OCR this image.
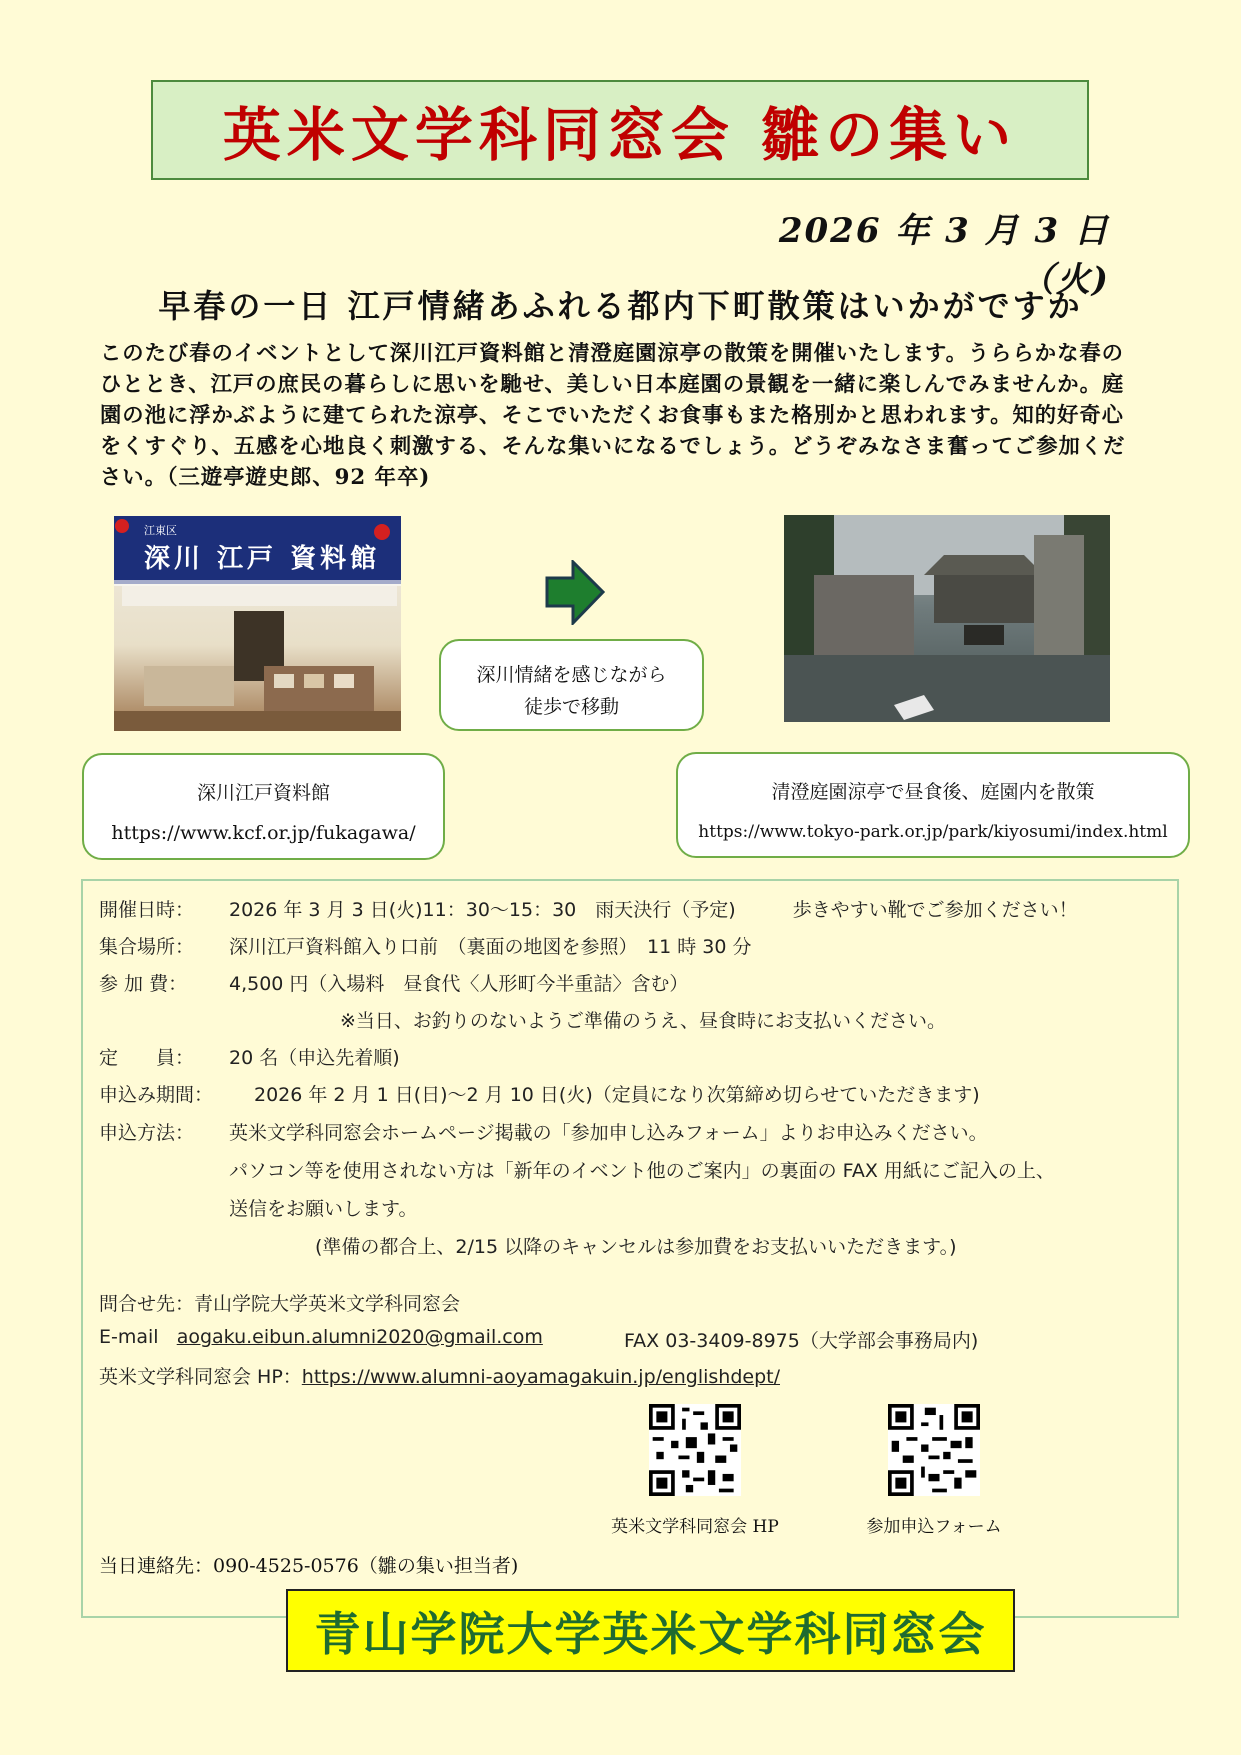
英米文学科同窓会 雛の集い
2026 年 3 月 3 日（火)
早春の一日 江戸情緒あふれる都内下町散策はいかがですか
このたび春のイベントとして深川江戸資料館と清澄庭園涼亭の散策を開催いたします。うららかな春のひととき、江戸の庶民の暮らしに思いを馳せ、美しい日本庭園の景観を一緒に楽しんでみませんか。庭園の池に浮かぶように建てられた涼亭、そこでいただくお食事もまた格別かと思われます。知的好奇心をくすぐり、五感を心地良く刺激する、そんな集いになるでしょう。どうぞみなさま奮ってご参加ください。（三遊亭遊史郎、92 年卒)
江東区
深川 江戸 資料館
深川情緒を感じながら
徒歩で移動
深川江戸資料館
https://www.kcf.or.jp/fukagawa/
清澄庭園涼亭で昼食後、庭園内を散策
https://www.tokyo-park.or.jp/park/kiyosumi/index.html
開催日時： 2026 年 3 月 3 日(火)11：30～15：30　雨天決行（予定)　　　歩きやすい靴でご参加ください！
集合場所： 深川江戸資料館入り口前　（裏面の地図を参照）　11 時 30 分
参 加 費： 4,500 円（入場料　昼食代〈人形町今半重詰〉含む）
※当日、お釣りのないようご準備のうえ、昼食時にお支払いください。
定　　員： 20 名（申込先着順)
申込み期間： 2026 年 2 月 1 日(日)～2 月 10 日(火)（定員になり次第締め切らせていただきます)
申込方法： 英米文学科同窓会ホームページ掲載の「参加申し込みフォーム」よりお申込みください。
パソコン等を使用されない方は「新年のイベント他のご案内」の裏面の FAX 用紙にご記入の上、
送信をお願いします。
(準備の都合上、2/15 以降のキャンセルは参加費をお支払いいただきます。)
問合せ先：青山学院大学英米文学科同窓会
E-mail aogaku.eibun.alumni2020@gmail.com	FAX 03-3409-8975（大学部会事務局内)
英米文学科同窓会 HP：https://www.alumni-aoyamagakuin.jp/englishdept/
英米文学科同窓会 HP	参加申込フォーム
当日連絡先：090-4525-0576（雛の集い担当者)
青山学院大学英米文学科同窓会
